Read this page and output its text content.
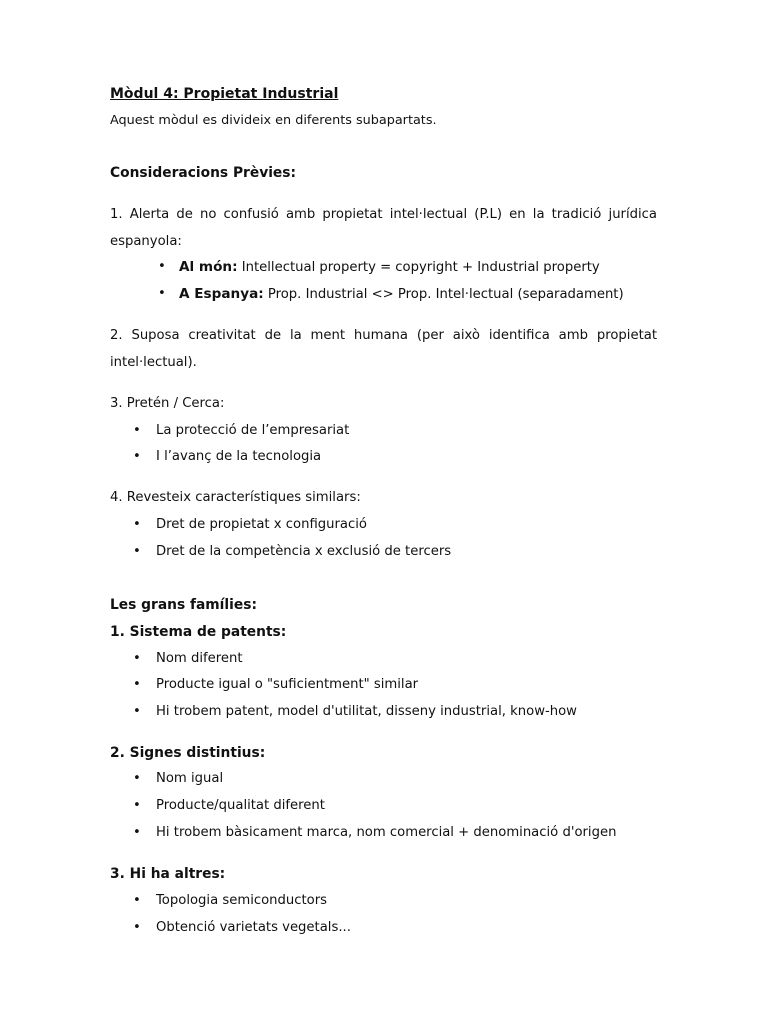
Mòdul 4: Propietat Industrial
Aquest mòdul es divideix en diferents subapartats.
Consideracions Prèvies:
1. Alerta de no confusió amb propietat intel·lectual (P.L) en la tradició jurídica
espanyola:
• Al món: Intellectual property = copyright + Industrial property
• A Espanya: Prop. Industrial <> Prop. Intel·lectual (separadament)
2. Suposa creativitat de la ment humana (per això identifica amb propietat
intel·lectual).
3. Pretén / Cerca:
• La protecció de l’empresariat
• I l’avanç de la tecnologia
4. Revesteix característiques similars:
• Dret de propietat x configuració
• Dret de la competència x exclusió de tercers
Les grans famílies:
1. Sistema de patents:
• Nom diferent
• Producte igual o "suficientment" similar
• Hi trobem patent, model d'utilitat, disseny industrial, know-how
2. Signes distintius:
• Nom igual
• Producte/qualitat diferent
• Hi trobem bàsicament marca, nom comercial + denominació d'origen
3. Hi ha altres:
• Topologia semiconductors
• Obtenció varietats vegetals...
